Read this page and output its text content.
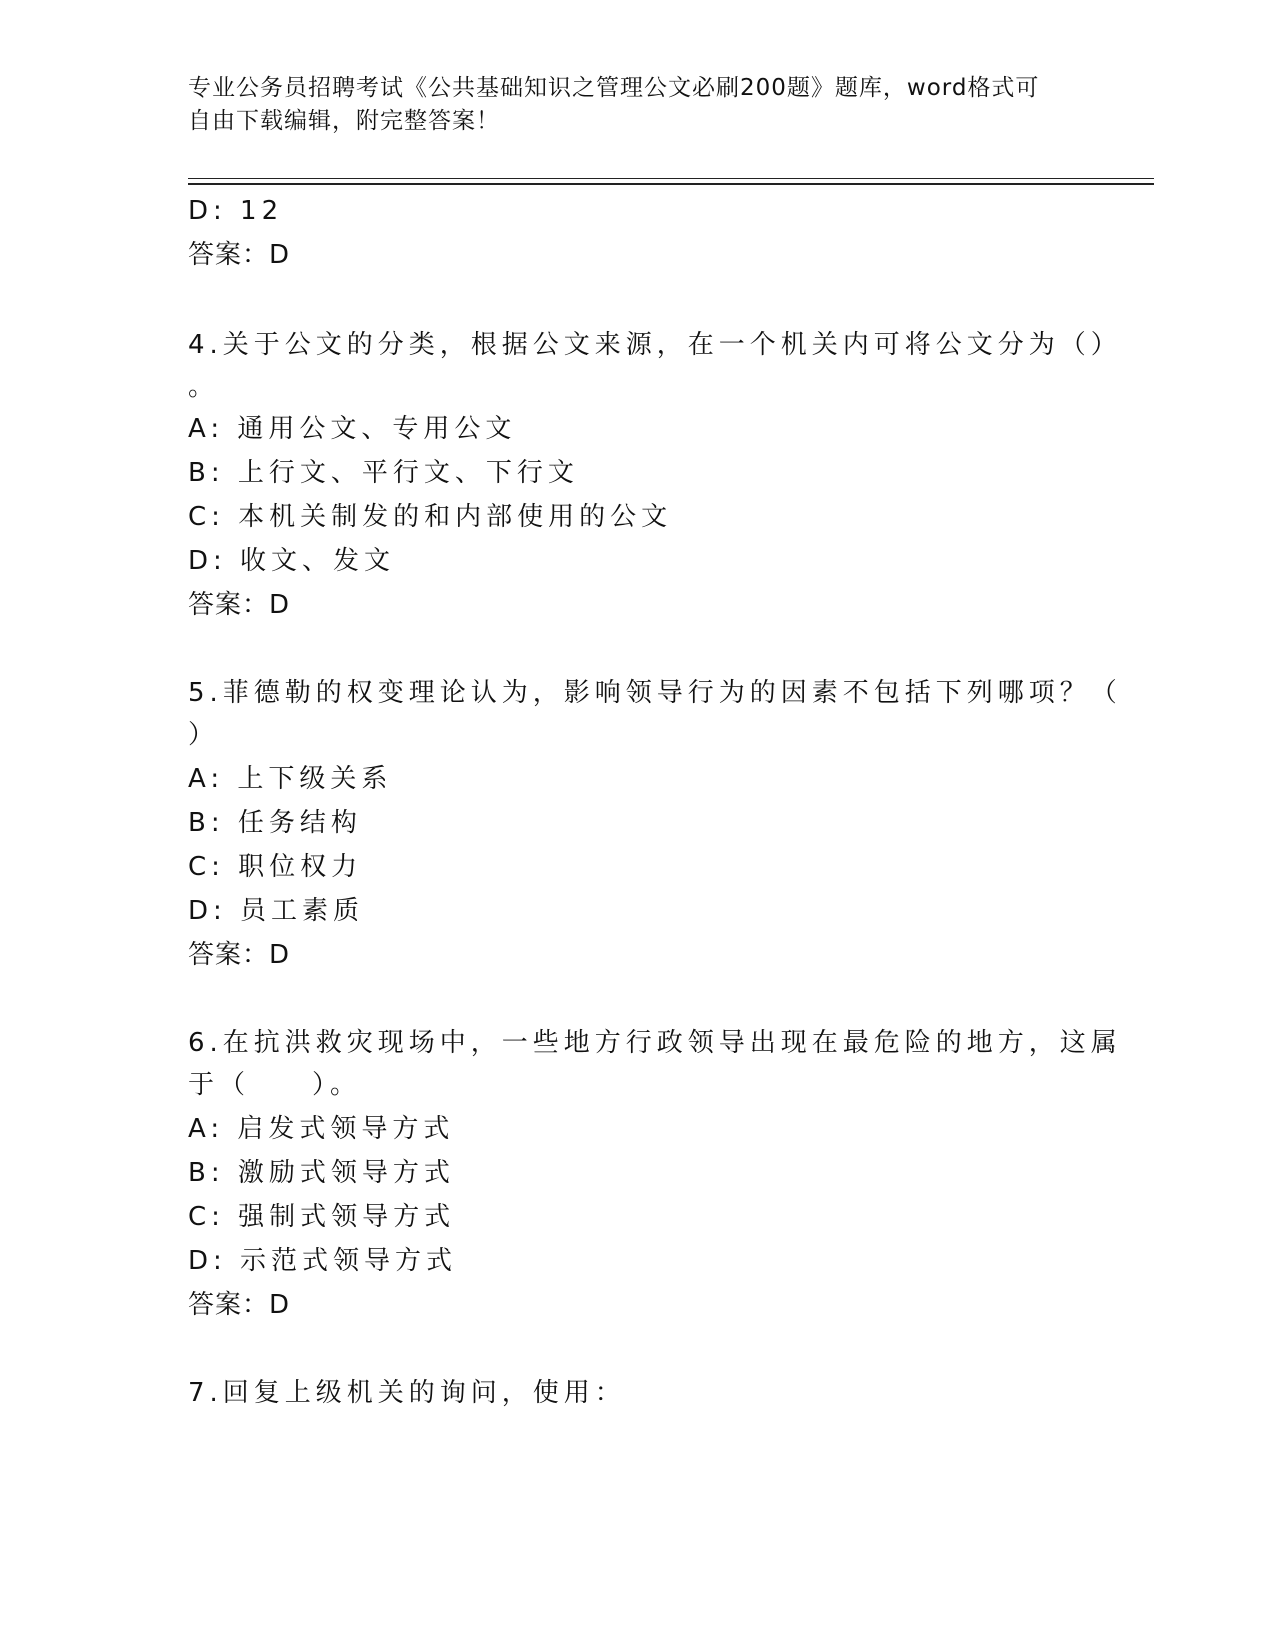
专业公务员招聘考试《公共基础知识之管理公文必刷200题》题库，word格式可
自由下载编辑，附完整答案！
D: 12
答案：D
4.关于公文的分类，根据公文来源，在一个机关内可将公文分为（）
。
A: 通用公文、专用公文
B: 上行文、平行文、下行文
C: 本机关制发的和内部使用的公文
D: 收文、发文
答案：D
5.菲德勒的权变理论认为，影响领导行为的因素不包括下列哪项？（
）
A: 上下级关系
B: 任务结构
C: 职位权力
D: 员工素质
答案：D
6.在抗洪救灾现场中，一些地方行政领导出现在最危险的地方，这属
于（　　）。
A: 启发式领导方式
B: 激励式领导方式
C: 强制式领导方式
D: 示范式领导方式
答案：D
7.回复上级机关的询问，使用：
